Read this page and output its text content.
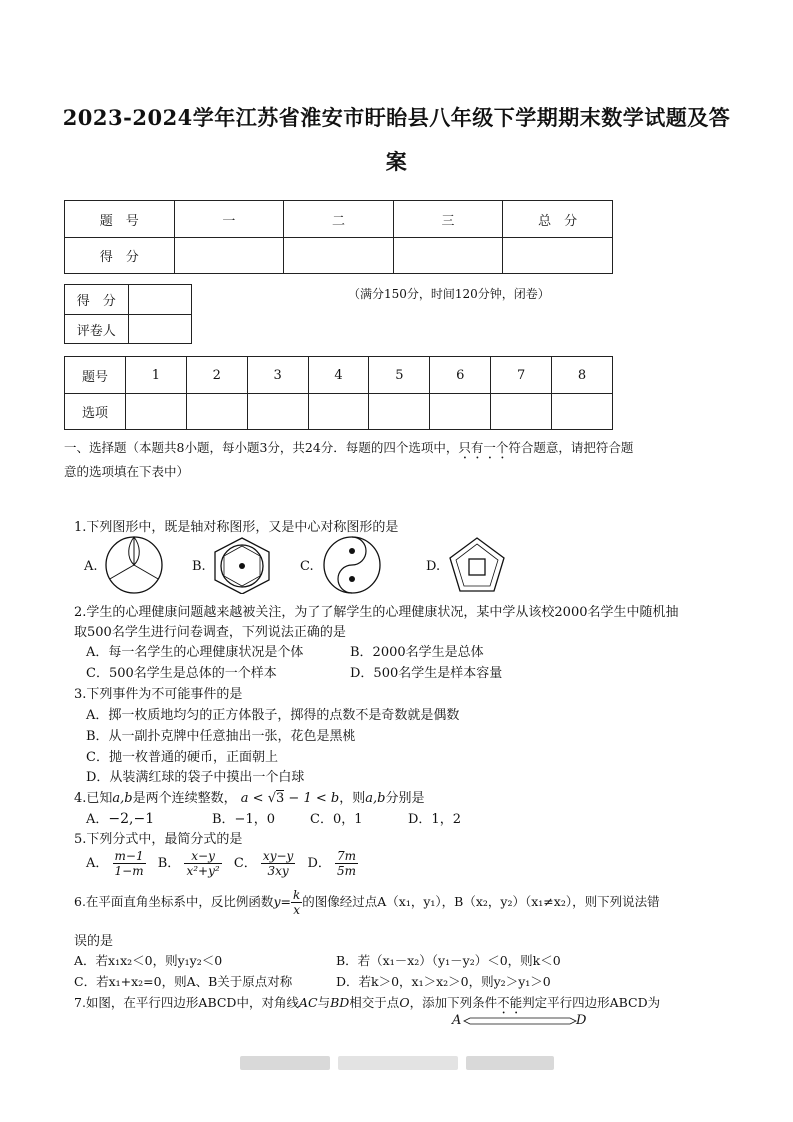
2023-2024学年江苏省淮安市盱眙县八年级下学期期末数学试题及答
案
题　号	一	二	三	总　分
得　分				
得　分	
评卷人	
（满分150分，时间120分钟，闭卷）
题号	1	2	3	4	5	6	7	8
选项								
一、选择题（本题共8小题，每小题3分，共24分．每题的四个选项中，只有一个符合题意，请把符合题
意的选项填在下表中）
1.下列图形中，既是轴对称图形，又是中心对称图形的是
A.	B.	C.	D.
2.学生的心理健康问题越来越被关注，为了了解学生的心理健康状况，某中学从该校2000名学生中随机抽
取500名学生进行问卷调查，下列说法正确的是
A．每一名学生的心理健康状况是个体	B．2000名学生是总体
C．500名学生是总体的一个样本	D．500名学生是样本容量
3.下列事件为不可能事件的是
A．掷一枚质地均匀的正方体骰子，掷得的点数不是奇数就是偶数
B．从一副扑克牌中任意抽出一张，花色是黑桃
C．抛一枚普通的硬币，正面朝上
D．从装满红球的袋子中摸出一个白球
4.已知a,b是两个连续整数， a < √3 − 1 < b，则a,b分别是
A．−2,−1	B．−1，0	C．0，1	D．1，2
5.下列分式中，最简分式的是
A． $\frac{m-1}{1-m}$ B． $\frac{x-y}{\text{x²+y²}}$ C． $\frac{xy-y}{3xy}$ D． $\frac{7m}{5m}$
6.在平面直角坐标系中，反比例函数$y= \frac{k}{x}$ 的图像经过点A（x₁，y₁），B（x₂，y₂）（x₁≠x₂），则下列说法错
误的是
A．若x₁x₂＜0，则y₁y₂＜0	B．若（x₁－x₂）（y₁－y₂）＜0，则k＜0
C．若x₁+x₂=0，则A、B关于原点对称	D．若k＞0，x₁＞x₂＞0，则y₂＞y₁＞0
7.如图，在平行四边形ABCD中，对角线AC与BD相交于点O，添加下列条件不能判定平行四边形ABCD为
A	D
